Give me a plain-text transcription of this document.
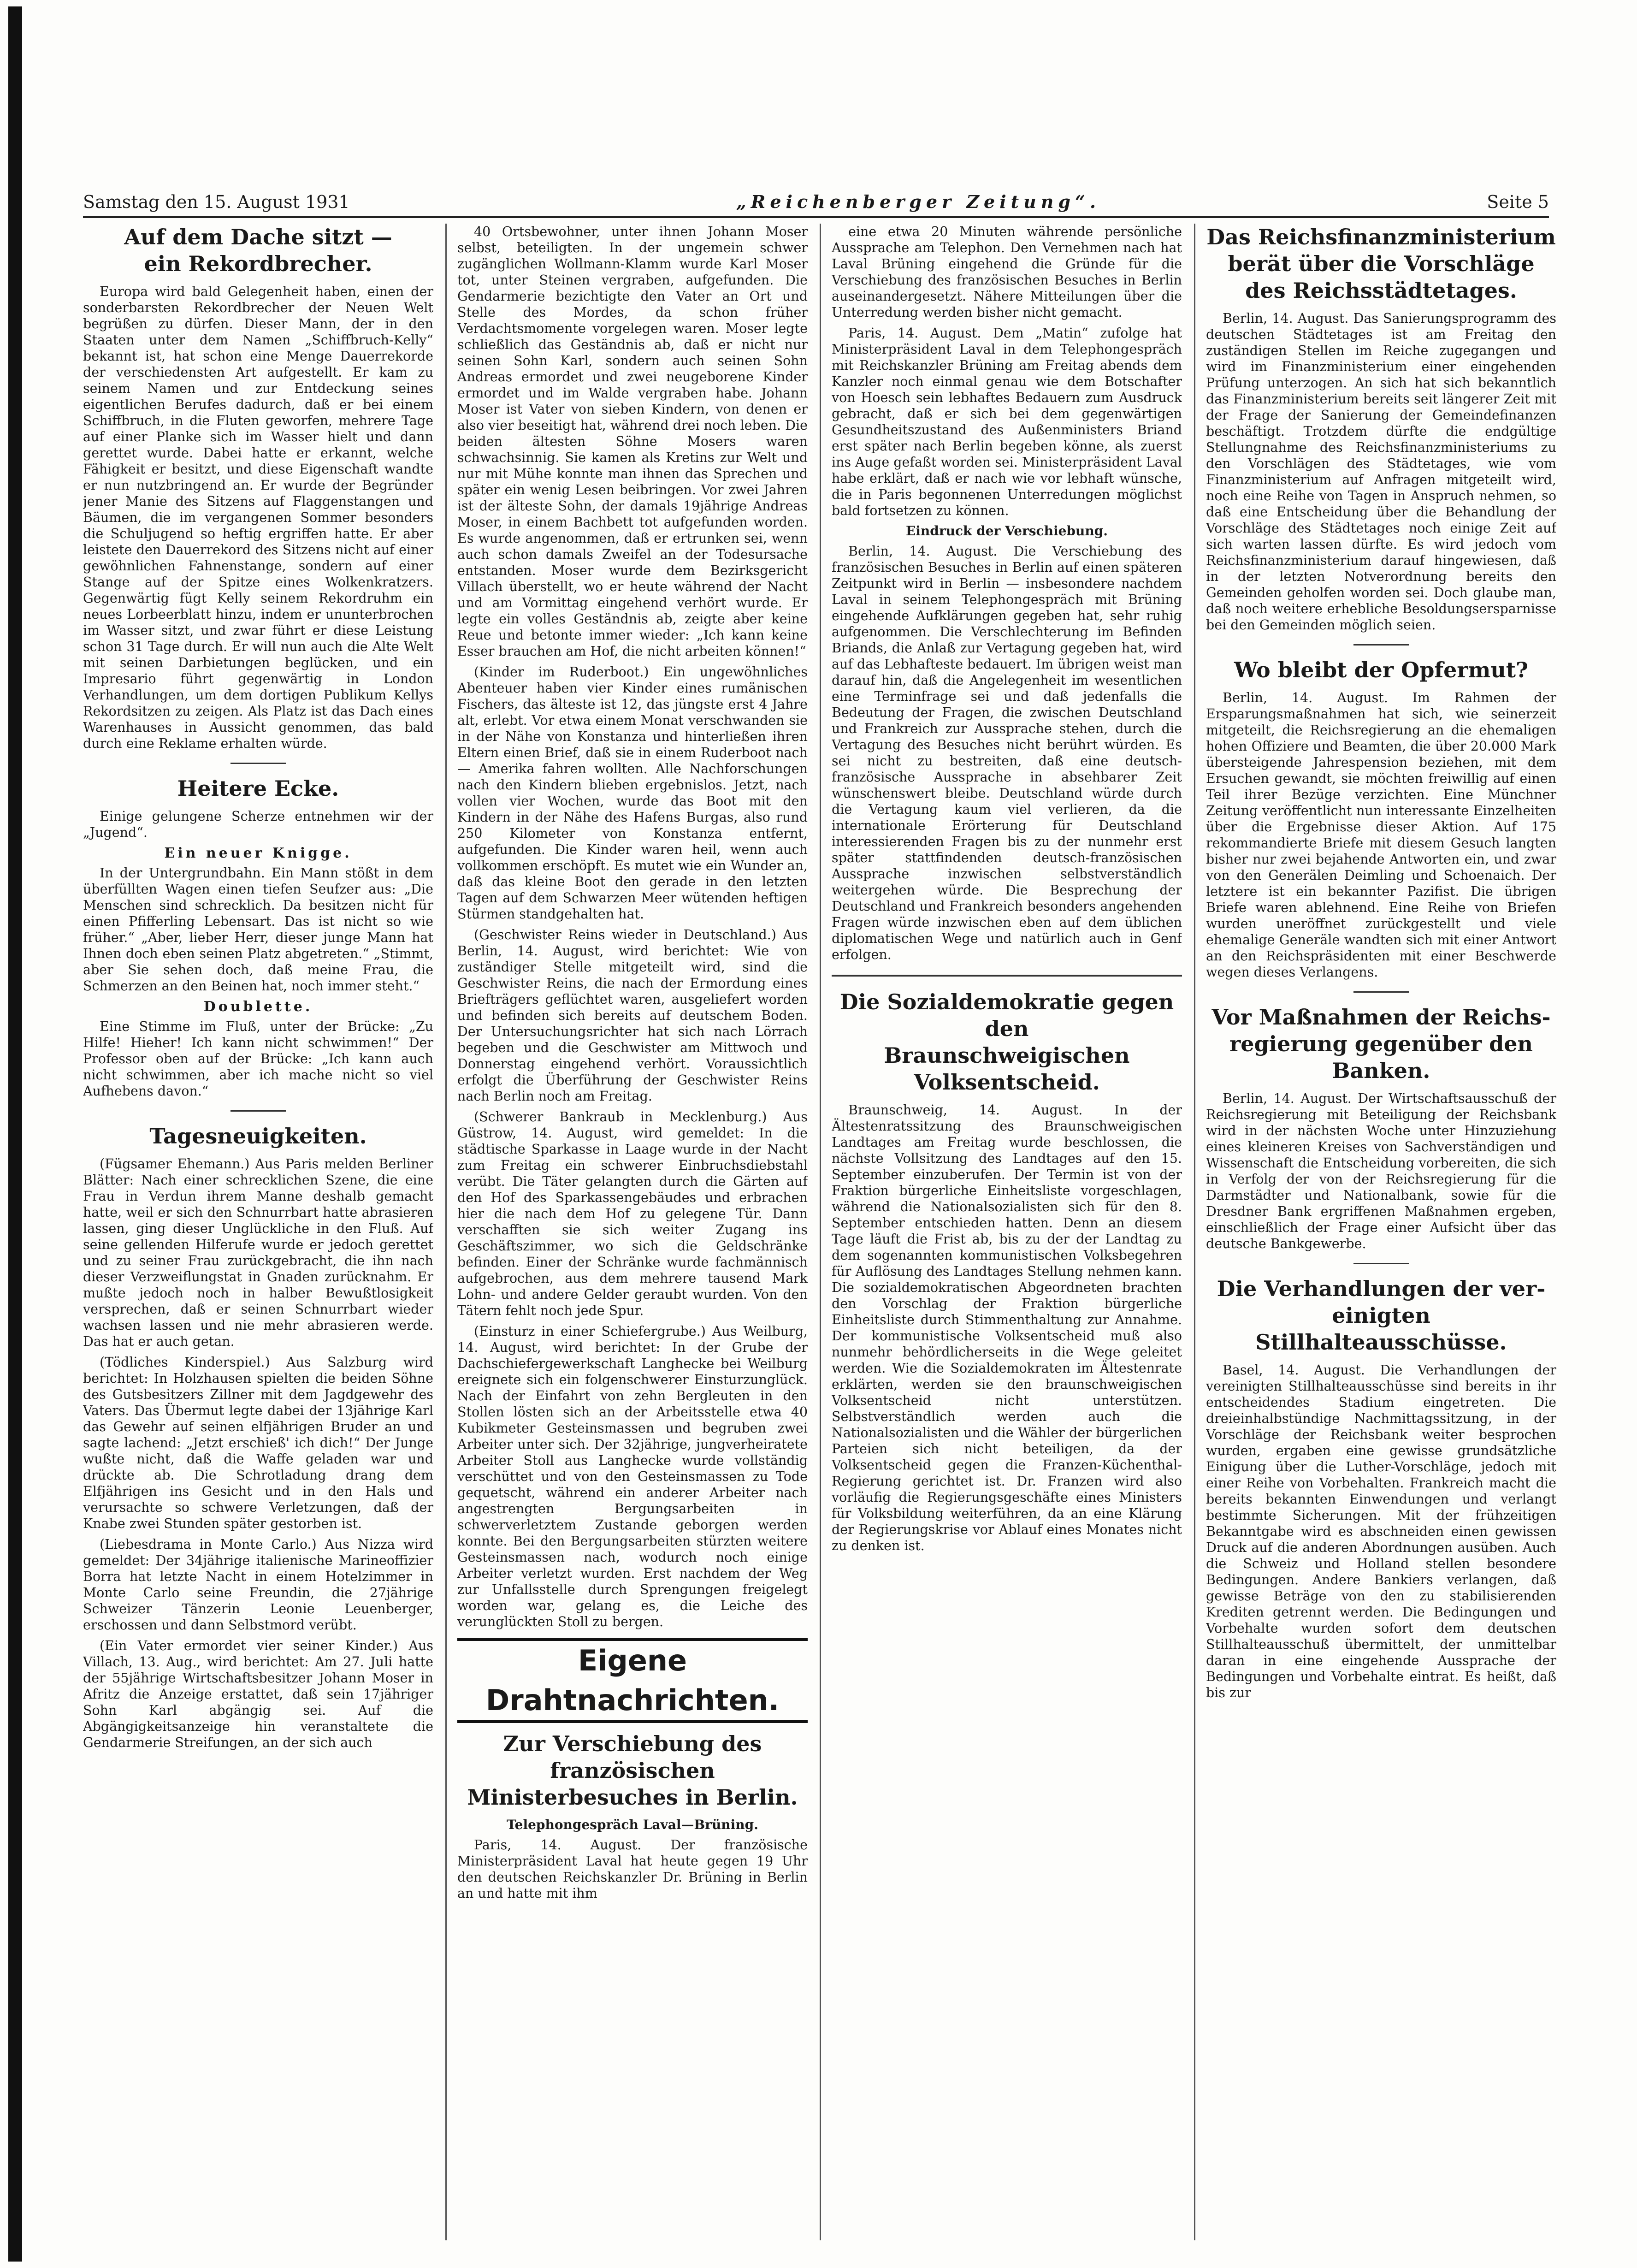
Samstag den 15. August 1931	„Reichenberger Zeitung“.	Seite 5
Auf dem Dache sitzt —
ein Rekordbrecher.

Europa wird bald Gelegenheit haben, einen der sonderbarsten Rekordbrecher der Neuen Welt begrüßen zu dürfen. Dieser Mann, der in den Staaten unter dem Namen „Schiffbruch-Kelly“ bekannt ist, hat schon eine Menge Dauerrekorde der verschiedensten Art aufgestellt. Er kam zu seinem Namen und zur Entdeckung seines eigentlichen Berufes dadurch, daß er bei einem Schiffbruch, in die Fluten geworfen, mehrere Tage auf einer Planke sich im Wasser hielt und dann gerettet wurde. Dabei hatte er erkannt, welche Fähigkeit er besitzt, und diese Eigenschaft wandte er nun nutzbringend an. Er wurde der Begründer jener Manie des Sitzens auf Flaggenstangen und Bäumen, die im vergangenen Sommer besonders die Schuljugend so heftig ergriffen hatte. Er aber leistete den Dauerrekord des Sitzens nicht auf einer gewöhnlichen Fahnenstange, sondern auf einer Stange auf der Spitze eines Wolkenkratzers. Gegenwärtig fügt Kelly seinem Rekordruhm ein neues Lorbeerblatt hinzu, indem er ununterbrochen im Wasser sitzt, und zwar führt er diese Leistung schon 31 Tage durch. Er will nun auch die Alte Welt mit seinen Darbietungen beglücken, und ein Impresario führt gegenwärtig in London Verhandlungen, um dem dortigen Publikum Kellys Rekordsitzen zu zeigen. Als Platz ist das Dach eines Warenhauses in Aussicht genommen, das bald durch eine Reklame erhalten würde.

Heitere Ecke.

Einige gelungene Scherze entnehmen wir der „Jugend“.

Ein neuer Knigge.

In der Untergrundbahn. Ein Mann stößt in dem überfüllten Wagen einen tiefen Seufzer aus: „Die Menschen sind schrecklich. Da besitzen nicht für einen Pfifferling Lebensart. Das ist nicht so wie früher.“ „Aber, lieber Herr, dieser junge Mann hat Ihnen doch eben seinen Platz abgetreten.“ „Stimmt, aber Sie sehen doch, daß meine Frau, die Schmerzen an den Beinen hat, noch immer steht.“

Doublette.

Eine Stimme im Fluß, unter der Brücke: „Zu Hilfe! Hieher! Ich kann nicht schwimmen!“ Der Professor oben auf der Brücke: „Ich kann auch nicht schwimmen, aber ich mache nicht so viel Aufhebens davon.“

Tagesneuigkeiten.

(Fügsamer Ehemann.) Aus Paris melden Berliner Blätter: Nach einer schrecklichen Szene, die eine Frau in Verdun ihrem Manne deshalb gemacht hatte, weil er sich den Schnurrbart hatte abrasieren lassen, ging dieser Unglückliche in den Fluß. Auf seine gellenden Hilferufe wurde er jedoch gerettet und zu seiner Frau zurückgebracht, die ihn nach dieser Verzweiflungstat in Gnaden zurücknahm. Er mußte jedoch noch in halber Bewußtlosigkeit versprechen, daß er seinen Schnurrbart wieder wachsen lassen und nie mehr abrasieren werde. Das hat er auch getan.

(Tödliches Kinderspiel.) Aus Salzburg wird berichtet: In Holzhausen spielten die beiden Söhne des Gutsbesitzers Zillner mit dem Jagdgewehr des Vaters. Das Übermut legte dabei der 13jährige Karl das Gewehr auf seinen elfjährigen Bruder an und sagte lachend: „Jetzt erschieß' ich dich!“ Der Junge wußte nicht, daß die Waffe geladen war und drückte ab. Die Schrotladung drang dem Elfjährigen ins Gesicht und in den Hals und verursachte so schwere Verletzungen, daß der Knabe zwei Stunden später gestorben ist.

(Liebesdrama in Monte Carlo.) Aus Nizza wird gemeldet: Der 34jährige italienische Marineoffizier Borra hat letzte Nacht in einem Hotelzimmer in Monte Carlo seine Freundin, die 27jährige Schweizer Tänzerin Leonie Leuenberger, erschossen und dann Selbstmord verübt.

(Ein Vater ermordet vier seiner Kinder.) Aus Villach, 13. Aug., wird berichtet: Am 27. Juli hatte der 55jährige Wirtschaftsbesitzer Johann Moser in Afritz die Anzeige erstattet, daß sein 17jähriger Sohn Karl abgängig sei. Auf die Abgängigkeitsanzeige hin veranstaltete die Gendarmerie Streifungen, an der sich auch

40 Ortsbewohner, unter ihnen Johann Moser selbst, beteiligten. In der ungemein schwer zugänglichen Wollmann-Klamm wurde Karl Moser tot, unter Steinen vergraben, aufgefunden. Die Gendarmerie bezichtigte den Vater an Ort und Stelle des Mordes, da schon früher Verdachtsmomente vorgelegen waren. Moser legte schließlich das Geständnis ab, daß er nicht nur seinen Sohn Karl, sondern auch seinen Sohn Andreas ermordet und zwei neugeborene Kinder ermordet und im Walde vergraben habe. Johann Moser ist Vater von sieben Kindern, von denen er also vier beseitigt hat, während drei noch leben. Die beiden ältesten Söhne Mosers waren schwachsinnig. Sie kamen als Kretins zur Welt und nur mit Mühe konnte man ihnen das Sprechen und später ein wenig Lesen beibringen. Vor zwei Jahren ist der älteste Sohn, der damals 19jährige Andreas Moser, in einem Bachbett tot aufgefunden worden. Es wurde angenommen, daß er ertrunken sei, wenn auch schon damals Zweifel an der Todesursache entstanden. Moser wurde dem Bezirksgericht Villach überstellt, wo er heute während der Nacht und am Vormittag eingehend verhört wurde. Er legte ein volles Geständnis ab, zeigte aber keine Reue und betonte immer wieder: „Ich kann keine Esser brauchen am Hof, die nicht arbeiten können!“

(Kinder im Ruderboot.) Ein ungewöhnliches Abenteuer haben vier Kinder eines rumänischen Fischers, das älteste ist 12, das jüngste erst 4 Jahre alt, erlebt. Vor etwa einem Monat verschwanden sie in der Nähe von Konstanza und hinterließen ihren Eltern einen Brief, daß sie in einem Ruderboot nach — Amerika fahren wollten. Alle Nachforschungen nach den Kindern blieben ergebnislos. Jetzt, nach vollen vier Wochen, wurde das Boot mit den Kindern in der Nähe des Hafens Burgas, also rund 250 Kilometer von Konstanza entfernt, aufgefunden. Die Kinder waren heil, wenn auch vollkommen erschöpft. Es mutet wie ein Wunder an, daß das kleine Boot den gerade in den letzten Tagen auf dem Schwarzen Meer wütenden heftigen Stürmen standgehalten hat.

(Geschwister Reins wieder in Deutschland.) Aus Berlin, 14. August, wird berichtet: Wie von zuständiger Stelle mitgeteilt wird, sind die Geschwister Reins, die nach der Ermordung eines Briefträgers geflüchtet waren, ausgeliefert worden und befinden sich bereits auf deutschem Boden. Der Untersuchungsrichter hat sich nach Lörrach begeben und die Geschwister am Mittwoch und Donnerstag eingehend verhört. Voraussichtlich erfolgt die Überführung der Geschwister Reins nach Berlin noch am Freitag.

(Schwerer Bankraub in Mecklenburg.) Aus Güstrow, 14. August, wird gemeldet: In die städtische Sparkasse in Laage wurde in der Nacht zum Freitag ein schwerer Einbruchsdiebstahl verübt. Die Täter gelangten durch die Gärten auf den Hof des Sparkassengebäudes und erbrachen hier die nach dem Hof zu gelegene Tür. Dann verschafften sie sich weiter Zugang ins Geschäftszimmer, wo sich die Geldschränke befinden. Einer der Schränke wurde fachmännisch aufgebrochen, aus dem mehrere tausend Mark Lohn- und andere Gelder geraubt wurden. Von den Tätern fehlt noch jede Spur.

(Einsturz in einer Schiefergrube.) Aus Weilburg, 14. August, wird berichtet: In der Grube der Dachschiefergewerkschaft Langhecke bei Weilburg ereignete sich ein folgenschwerer Einsturzunglück. Nach der Einfahrt von zehn Bergleuten in den Stollen lösten sich an der Arbeitsstelle etwa 40 Kubikmeter Gesteinsmassen und begruben zwei Arbeiter unter sich. Der 32jährige, jungverheiratete Arbeiter Stoll aus Langhecke wurde vollständig verschüttet und von den Gesteinsmassen zu Tode gequetscht, während ein anderer Arbeiter nach angestrengten Bergungsarbeiten in schwerverletztem Zustande geborgen werden konnte. Bei den Bergungsarbeiten stürzten weitere Gesteinsmassen nach, wodurch noch einige Arbeiter verletzt wurden. Erst nachdem der Weg zur Unfallsstelle durch Sprengungen freigelegt worden war, gelang es, die Leiche des verunglückten Stoll zu bergen.

Eigene Drahtnachrichten.
Zur Verschiebung des französischen
Ministerbesuches in Berlin.
Telephongespräch Laval—Brüning.

Paris, 14. August. Der französische Ministerpräsident Laval hat heute gegen 19 Uhr den deutschen Reichskanzler Dr. Brüning in Berlin an und hatte mit ihm

eine etwa 20 Minuten währende persönliche Aussprache am Telephon. Den Vernehmen nach hat Laval Brüning eingehend die Gründe für die Verschiebung des französischen Besuches in Berlin auseinandergesetzt. Nähere Mitteilungen über die Unterredung werden bisher nicht gemacht.

Paris, 14. August. Dem „Matin“ zufolge hat Ministerpräsident Laval in dem Telephongespräch mit Reichskanzler Brüning am Freitag abends dem Kanzler noch einmal genau wie dem Botschafter von Hoesch sein lebhaftes Bedauern zum Ausdruck gebracht, daß er sich bei dem gegenwärtigen Gesundheitszustand des Außenministers Briand erst später nach Berlin begeben könne, als zuerst ins Auge gefaßt worden sei. Ministerpräsident Laval habe erklärt, daß er nach wie vor lebhaft wünsche, die in Paris begonnenen Unterredungen möglichst bald fortsetzen zu können.

Eindruck der Verschiebung.

Berlin, 14. August. Die Verschiebung des französischen Besuches in Berlin auf einen späteren Zeitpunkt wird in Berlin — insbesondere nachdem Laval in seinem Telephongespräch mit Brüning eingehende Aufklärungen gegeben hat, sehr ruhig aufgenommen. Die Verschlechterung im Befinden Briands, die Anlaß zur Vertagung gegeben hat, wird auf das Lebhafteste bedauert. Im übrigen weist man darauf hin, daß die Angelegenheit im wesentlichen eine Terminfrage sei und daß jedenfalls die Bedeutung der Fragen, die zwischen Deutschland und Frankreich zur Aussprache stehen, durch die Vertagung des Besuches nicht berührt würden. Es sei nicht zu bestreiten, daß eine deutsch-französische Aussprache in absehbarer Zeit wünschenswert bleibe. Deutschland würde durch die Vertagung kaum viel verlieren, da die internationale Erörterung für Deutschland interessierenden Fragen bis zu der nunmehr erst später stattfindenden deutsch-französischen Aussprache inzwischen selbstverständlich weitergehen würde. Die Besprechung der Deutschland und Frankreich besonders angehenden Fragen würde inzwischen eben auf dem üblichen diplomatischen Wege und natürlich auch in Genf erfolgen.

Die Sozialdemokratie gegen den
Braunschweigischen Volksentscheid.

Braunschweig, 14. August. In der Ältestenratssitzung des Braunschweigischen Landtages am Freitag wurde beschlossen, die nächste Vollsitzung des Landtages auf den 15. September einzuberufen. Der Termin ist von der Fraktion bürgerliche Einheitsliste vorgeschlagen, während die Nationalsozialisten sich für den 8. September entschieden hatten. Denn an diesem Tage läuft die Frist ab, bis zu der der Landtag zu dem sogenannten kommunistischen Volksbegehren für Auflösung des Landtages Stellung nehmen kann. Die sozialdemokratischen Abgeordneten brachten den Vorschlag der Fraktion bürgerliche Einheitsliste durch Stimmenthaltung zur Annahme. Der kommunistische Volksentscheid muß also nunmehr behördlicherseits in die Wege geleitet werden. Wie die Sozialdemokraten im Ältestenrate erklärten, werden sie den braunschweigischen Volksentscheid nicht unterstützen. Selbstverständlich werden auch die Nationalsozialisten und die Wähler der bürgerlichen Parteien sich nicht beteiligen, da der Volksentscheid gegen die Franzen-Küchenthal-Regierung gerichtet ist. Dr. Franzen wird also vorläufig die Regierungsgeschäfte eines Ministers für Volksbildung weiterführen, da an eine Klärung der Regierungskrise vor Ablauf eines Monates nicht zu denken ist.

Das Reichsfinanzministerium
berät über die Vorschläge
des Reichsstädtetages.

Berlin, 14. August. Das Sanierungsprogramm des deutschen Städtetages ist am Freitag den zuständigen Stellen im Reiche zugegangen und wird im Finanzministerium einer eingehenden Prüfung unterzogen. An sich hat sich bekanntlich das Finanzministerium bereits seit längerer Zeit mit der Frage der Sanierung der Gemeindefinanzen beschäftigt. Trotzdem dürfte die endgültige Stellungnahme des Reichsfinanzministeriums zu den Vorschlägen des Städtetages, wie vom Finanzministerium auf Anfragen mitgeteilt wird, noch eine Reihe von Tagen in Anspruch nehmen, so daß eine Entscheidung über die Behandlung der Vorschläge des Städtetages noch einige Zeit auf sich warten lassen dürfte. Es wird jedoch vom Reichsfinanzministerium darauf hingewiesen, daß in der letzten Notverordnung bereits den Gemeinden geholfen worden sei. Doch glaube man, daß noch weitere erhebliche Besoldungsersparnisse bei den Gemeinden möglich seien.

Wo bleibt der Opfermut?

Berlin, 14. August. Im Rahmen der Ersparungsmaßnahmen hat sich, wie seinerzeit mitgeteilt, die Reichsregierung an die ehemaligen hohen Offiziere und Beamten, die über 20.000 Mark übersteigende Jahrespension beziehen, mit dem Ersuchen gewandt, sie möchten freiwillig auf einen Teil ihrer Bezüge verzichten. Eine Münchner Zeitung veröffentlicht nun interessante Einzelheiten über die Ergebnisse dieser Aktion. Auf 175 rekommandierte Briefe mit diesem Gesuch langten bisher nur zwei bejahende Antworten ein, und zwar von den Generälen Deimling und Schoenaich. Der letztere ist ein bekannter Pazifist. Die übrigen Briefe waren ablehnend. Eine Reihe von Briefen wurden uneröffnet zurückgestellt und viele ehemalige Generäle wandten sich mit einer Antwort an den Reichspräsidenten mit einer Beschwerde wegen dieses Verlangens.

Vor Maßnahmen der Reichs-
regierung gegenüber den Banken.

Berlin, 14. August. Der Wirtschaftsausschuß der Reichsregierung mit Beteiligung der Reichsbank wird in der nächsten Woche unter Hinzuziehung eines kleineren Kreises von Sachverständigen und Wissenschaft die Entscheidung vorbereiten, die sich in Verfolg der von der Reichsregierung für die Darmstädter und Nationalbank, sowie für die Dresdner Bank ergriffenen Maßnahmen ergeben, einschließlich der Frage einer Aufsicht über das deutsche Bankgewerbe.

Die Verhandlungen der ver-
einigten Stillhalteausschüsse.

Basel, 14. August. Die Verhandlungen der vereinigten Stillhalteausschüsse sind bereits in ihr entscheidendes Stadium eingetreten. Die dreieinhalbstündige Nachmittagssitzung, in der Vorschläge der Reichsbank weiter besprochen wurden, ergaben eine gewisse grundsätzliche Einigung über die Luther-Vorschläge, jedoch mit einer Reihe von Vorbehalten. Frankreich macht die bereits bekannten Einwendungen und verlangt bestimmte Sicherungen. Mit der frühzeitigen Bekanntgabe wird es abschneiden einen gewissen Druck auf die anderen Abordnungen ausüben. Auch die Schweiz und Holland stellen besondere Bedingungen. Andere Bankiers verlangen, daß gewisse Beträge von den zu stabilisierenden Krediten getrennt werden. Die Bedingungen und Vorbehalte wurden sofort dem deutschen Stillhalteausschuß übermittelt, der unmittelbar daran in eine eingehende Aussprache der Bedingungen und Vorbehalte eintrat. Es heißt, daß bis zur
